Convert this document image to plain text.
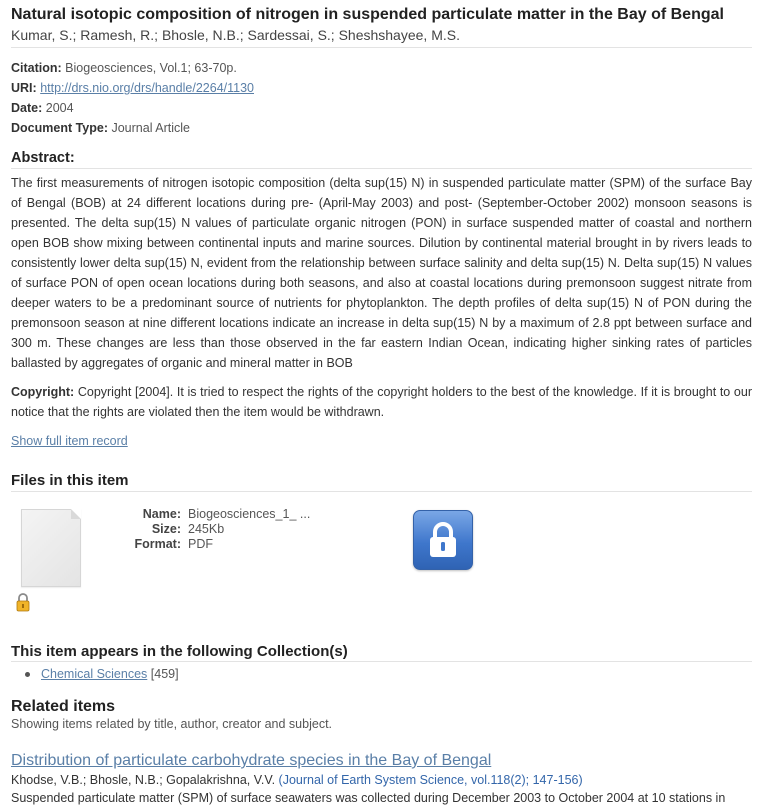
Natural isotopic composition of nitrogen in suspended particulate matter in the Bay of Bengal
Kumar, S.; Ramesh, R.; Bhosle, N.B.; Sardessai, S.; Sheshshayee, M.S.
Citation: Biogeosciences, Vol.1; 63-70p.
URI: http://drs.nio.org/drs/handle/2264/1130
Date: 2004
Document Type: Journal Article
Abstract:
The first measurements of nitrogen isotopic composition (delta sup(15) N) in suspended particulate matter (SPM) of the surface Bay of Bengal (BOB) at 24 different locations during pre- (April-May 2003) and post- (September-October 2002) monsoon seasons is presented. The delta sup(15) N values of particulate organic nitrogen (PON) in surface suspended matter of coastal and northern open BOB show mixing between continental inputs and marine sources. Dilution by continental material brought in by rivers leads to consistently lower delta sup(15) N, evident from the relationship between surface salinity and delta sup(15) N. Delta sup(15) N values of surface PON of open ocean locations during both seasons, and also at coastal locations during premonsoon suggest nitrate from deeper waters to be a predominant source of nutrients for phytoplankton. The depth profiles of delta sup(15) N of PON during the premonsoon season at nine different locations indicate an increase in delta sup(15) N by a maximum of 2.8 ppt between surface and 300 m. These changes are less than those observed in the far eastern Indian Ocean, indicating higher sinking rates of particles ballasted by aggregates of organic and mineral matter in BOB
Copyright: Copyright [2004]. It is tried to respect the rights of the copyright holders to the best of the knowledge. If it is brought to our notice that the rights are violated then the item would be withdrawn.
Show full item record
Files in this item
Name: Biogeosciences_1_ ...
Size: 245Kb
Format: PDF
This item appears in the following Collection(s)
Chemical Sciences [459]
Related items
Showing items related by title, author, creator and subject.
Distribution of particulate carbohydrate species in the Bay of Bengal
Khodse, V.B.; Bhosle, N.B.; Gopalakrishna, V.V. (Journal of Earth System Science, vol.118(2); 147-156)
Suspended particulate matter (SPM) of surface seawaters was collected during December 2003 to October 2004 at 10 stations in
